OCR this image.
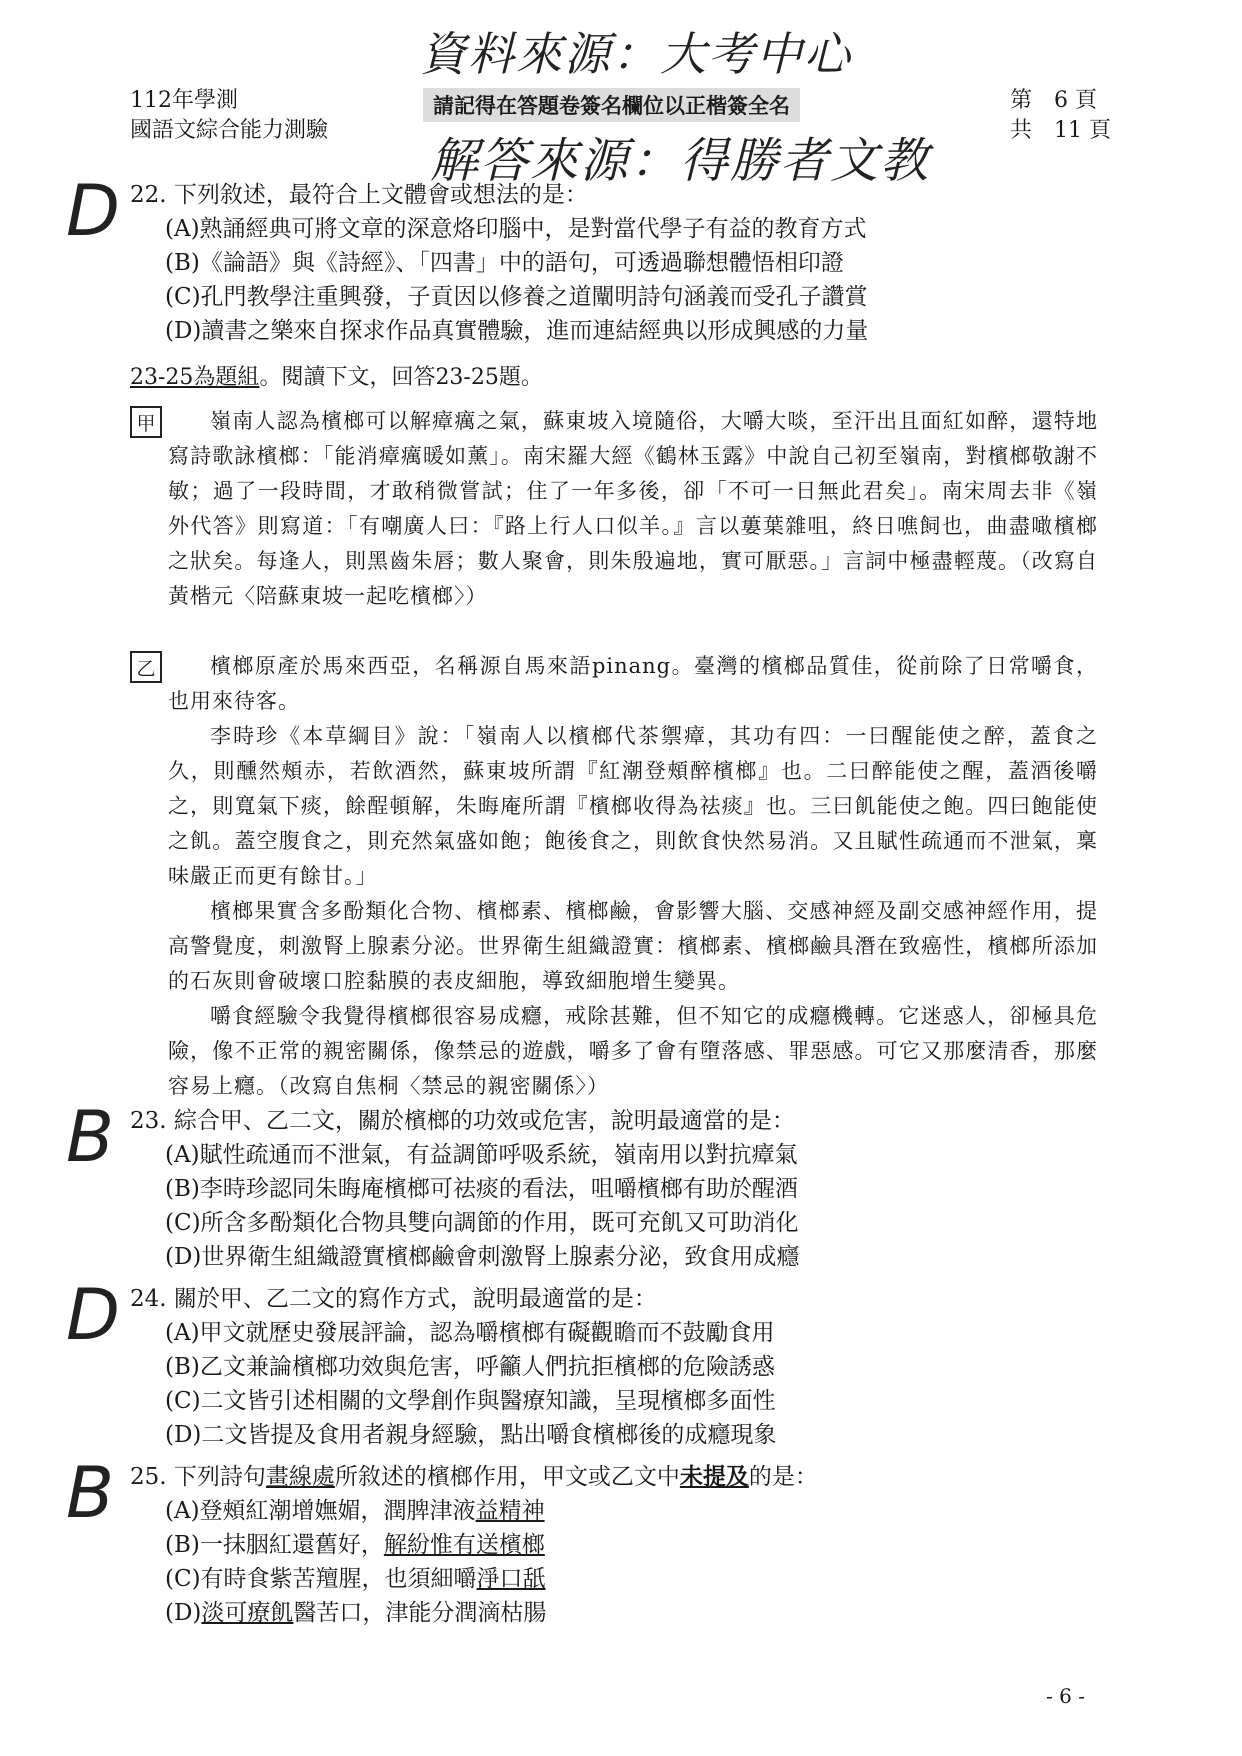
資料來源：大考中心
112年學測
國語文綜合能力測驗
請記得在答題卷簽名欄位以正楷簽全名	第　6 頁
共　11 頁
解答來源：得勝者文教
D 22. 下列敘述，最符合上文體會或想法的是：
(A)熟誦經典可將文章的深意烙印腦中，是對當代學子有益的教育方式
(B)《論語》與《詩經》、「四書」中的語句，可透過聯想體悟相印證
(C)孔門教學注重興發，子貢因以修養之道闡明詩句涵義而受孔子讚賞
(D)讀書之樂來自探求作品真實體驗，進而連結經典以形成興感的力量
23-25為題組。閱讀下文，回答23-25題。
甲	嶺南人認為檳榔可以解瘴癘之氣，蘇東坡入境隨俗，大嚼大啖，至汗出且面紅如醉，還特地寫詩歌詠檳榔：「能消瘴癘暖如薰」。南宋羅大經《鶴林玉露》中說自己初至嶺南，對檳榔敬謝不敏；過了一段時間，才敢稍微嘗試；住了一年多後，卻「不可一日無此君矣」。南宋周去非《嶺外代答》則寫道：「有嘲廣人曰：『路上行人口似羊。』言以蔞葉雜咀，終日噍飼也，曲盡噉檳榔之狀矣。每逢人，則黑齒朱唇；數人聚會，則朱殷遍地，實可厭惡。」言詞中極盡輕蔑。（改寫自黃楷元〈陪蘇東坡一起吃檳榔〉）
乙	檳榔原產於馬來西亞，名稱源自馬來語pinang。臺灣的檳榔品質佳，從前除了日常嚼食，也用來待客。
李時珍《本草綱目》說：「嶺南人以檳榔代茶禦瘴，其功有四：一曰醒能使之醉，蓋食之久，則醺然頰赤，若飲酒然，蘇東坡所謂『紅潮登頰醉檳榔』也。二曰醉能使之醒，蓋酒後嚼之，則寬氣下痰，餘酲頓解，朱晦庵所謂『檳榔收得為祛痰』也。三曰飢能使之飽。四曰飽能使之飢。蓋空腹食之，則充然氣盛如飽；飽後食之，則飲食快然易消。又且賦性疏通而不泄氣，稟味嚴正而更有餘甘。」
檳榔果實含多酚類化合物、檳榔素、檳榔鹼，會影響大腦、交感神經及副交感神經作用，提高警覺度，刺激腎上腺素分泌。世界衛生組織證實：檳榔素、檳榔鹼具潛在致癌性，檳榔所添加的石灰則會破壞口腔黏膜的表皮細胞，導致細胞增生變異。
嚼食經驗令我覺得檳榔很容易成癮，戒除甚難，但不知它的成癮機轉。它迷惑人，卻極具危險，像不正常的親密關係，像禁忌的遊戲，嚼多了會有墮落感、罪惡感。可它又那麼清香，那麼容易上癮。（改寫自焦桐〈禁忌的親密關係〉）
B 23. 綜合甲、乙二文，關於檳榔的功效或危害，說明最適當的是：
(A)賦性疏通而不泄氣，有益調節呼吸系統，嶺南用以對抗瘴氣
(B)李時珍認同朱晦庵檳榔可祛痰的看法，咀嚼檳榔有助於醒酒
(C)所含多酚類化合物具雙向調節的作用，既可充飢又可助消化
(D)世界衛生組織證實檳榔鹼會刺激腎上腺素分泌，致食用成癮
D 24. 關於甲、乙二文的寫作方式，說明最適當的是：
(A)甲文就歷史發展評論，認為嚼檳榔有礙觀瞻而不鼓勵食用
(B)乙文兼論檳榔功效與危害，呼籲人們抗拒檳榔的危險誘惑
(C)二文皆引述相關的文學創作與醫療知識，呈現檳榔多面性
(D)二文皆提及食用者親身經驗，點出嚼食檳榔後的成癮現象
B 25. 下列詩句畫線處所敘述的檳榔作用，甲文或乙文中未提及的是：
(A)登頰紅潮增嫵媚，潤脾津液益精神
(B)一抹胭紅還舊好，解紛惟有送檳榔
(C)有時食紫苦羶腥，也須細嚼淨口舐
(D)淡可療飢醫苦口，津能分潤滴枯腸
- 6 -
